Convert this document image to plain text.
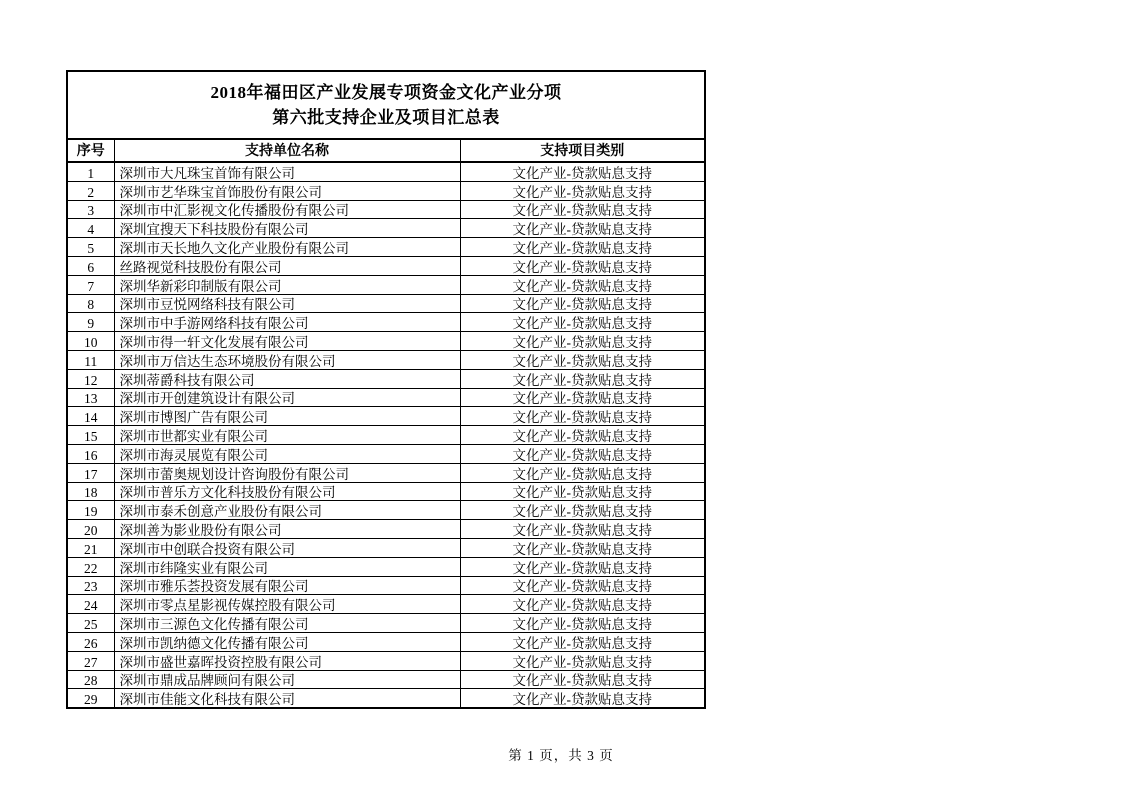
2018年福田区产业发展专项资金文化产业分项
第六批支持企业及项目汇总表
序号	支持单位名称	支持项目类别
1	深圳市大凡珠宝首饰有限公司	文化产业-贷款贴息支持
2	深圳市艺华珠宝首饰股份有限公司	文化产业-贷款贴息支持
3	深圳市中汇影视文化传播股份有限公司	文化产业-贷款贴息支持
4	深圳宜搜天下科技股份有限公司	文化产业-贷款贴息支持
5	深圳市天长地久文化产业股份有限公司	文化产业-贷款贴息支持
6	丝路视觉科技股份有限公司	文化产业-贷款贴息支持
7	深圳华新彩印制版有限公司	文化产业-贷款贴息支持
8	深圳市豆悦网络科技有限公司	文化产业-贷款贴息支持
9	深圳市中手游网络科技有限公司	文化产业-贷款贴息支持
10	深圳市得一轩文化发展有限公司	文化产业-贷款贴息支持
11	深圳市万信达生态环境股份有限公司	文化产业-贷款贴息支持
12	深圳蒂爵科技有限公司	文化产业-贷款贴息支持
13	深圳市开创建筑设计有限公司	文化产业-贷款贴息支持
14	深圳市博图广告有限公司	文化产业-贷款贴息支持
15	深圳市世都实业有限公司	文化产业-贷款贴息支持
16	深圳市海灵展览有限公司	文化产业-贷款贴息支持
17	深圳市蕾奥规划设计咨询股份有限公司	文化产业-贷款贴息支持
18	深圳市普乐方文化科技股份有限公司	文化产业-贷款贴息支持
19	深圳市泰禾创意产业股份有限公司	文化产业-贷款贴息支持
20	深圳善为影业股份有限公司	文化产业-贷款贴息支持
21	深圳市中创联合投资有限公司	文化产业-贷款贴息支持
22	深圳市纬隆实业有限公司	文化产业-贷款贴息支持
23	深圳市雅乐荟投资发展有限公司	文化产业-贷款贴息支持
24	深圳市零点星影视传媒控股有限公司	文化产业-贷款贴息支持
25	深圳市三源色文化传播有限公司	文化产业-贷款贴息支持
26	深圳市凯纳德文化传播有限公司	文化产业-贷款贴息支持
27	深圳市盛世嘉晖投资控股有限公司	文化产业-贷款贴息支持
28	深圳市鼎成品牌顾问有限公司	文化产业-贷款贴息支持
29	深圳市佳能文化科技有限公司	文化产业-贷款贴息支持
第 1 页，共 3 页
